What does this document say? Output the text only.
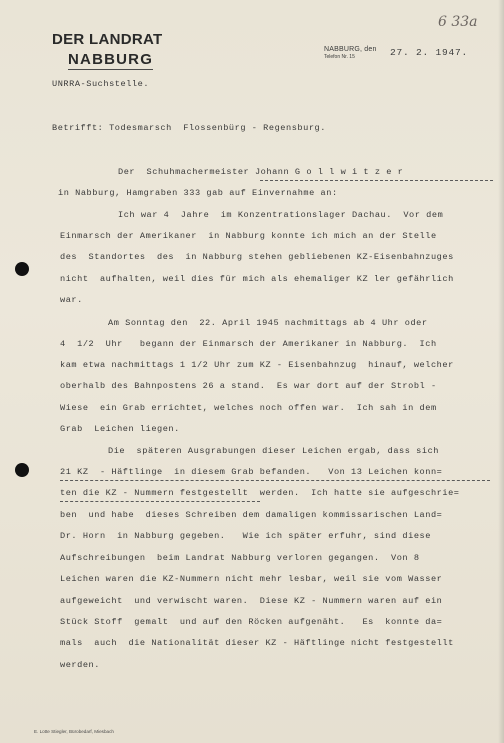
DER LANDRAT
NABBURG
6 33a
NABBURG, den
Telefon Nr. 15	27. 2. 1947.
UNRRA-Suchstelle.
Betrifft: Todesmarsch  Flossenbürg - Regensburg.
Der  Schuhmachermeister Johann G o l l w i t z e r
in Nabburg, Hamgraben 333 gab auf Einvernahme an:
Ich war 4  Jahre  im Konzentrationslager Dachau.  Vor dem
Einmarsch der Amerikaner  in Nabburg konnte ich mich an der Stelle
des  Standortes  des  in Nabburg stehen gebliebenen KZ-Eisenbahnzuges
nicht  aufhalten, weil dies für mich als ehemaliger KZ ler gefährlich
war.
Am Sonntag den  22. April 1945 nachmittags ab 4 Uhr oder
4  1/2  Uhr   begann der Einmarsch der Amerikaner in Nabburg.  Ich
kam etwa nachmittags 1 1/2 Uhr zum KZ - Eisenbahnzug  hinauf, welcher
oberhalb des Bahnpostens 26 a stand.  Es war dort auf der Strobl -
Wiese  ein Grab errichtet, welches noch offen war.  Ich sah in dem
Grab  Leichen liegen.
Die  späteren Ausgrabungen dieser Leichen ergab, dass sich
21 KZ  - Häftlinge  in diesem Grab befanden.   Von 13 Leichen konn=
ten die KZ - Nummern festgestellt  werden.  Ich hatte sie aufgeschrie=
ben  und habe  dieses Schreiben dem damaligen kommissarischen Land=
Dr. Horn  in Nabburg gegeben.   Wie ich später erfuhr, sind diese
Aufschreibungen  beim Landrat Nabburg verloren gegangen.  Von 8
Leichen waren die KZ-Nummern nicht mehr lesbar, weil sie vom Wasser
aufgeweicht  und verwischt waren.  Diese KZ - Nummern waren auf ein
Stück Stoff  gemalt  und auf den Röcken aufgenäht.   Es  konnte da=
mals  auch  die Nationalität dieser KZ - Häftlinge nicht festgestellt
werden.
E. Lotte Stiegler, Bürobedarf, Miesbach
